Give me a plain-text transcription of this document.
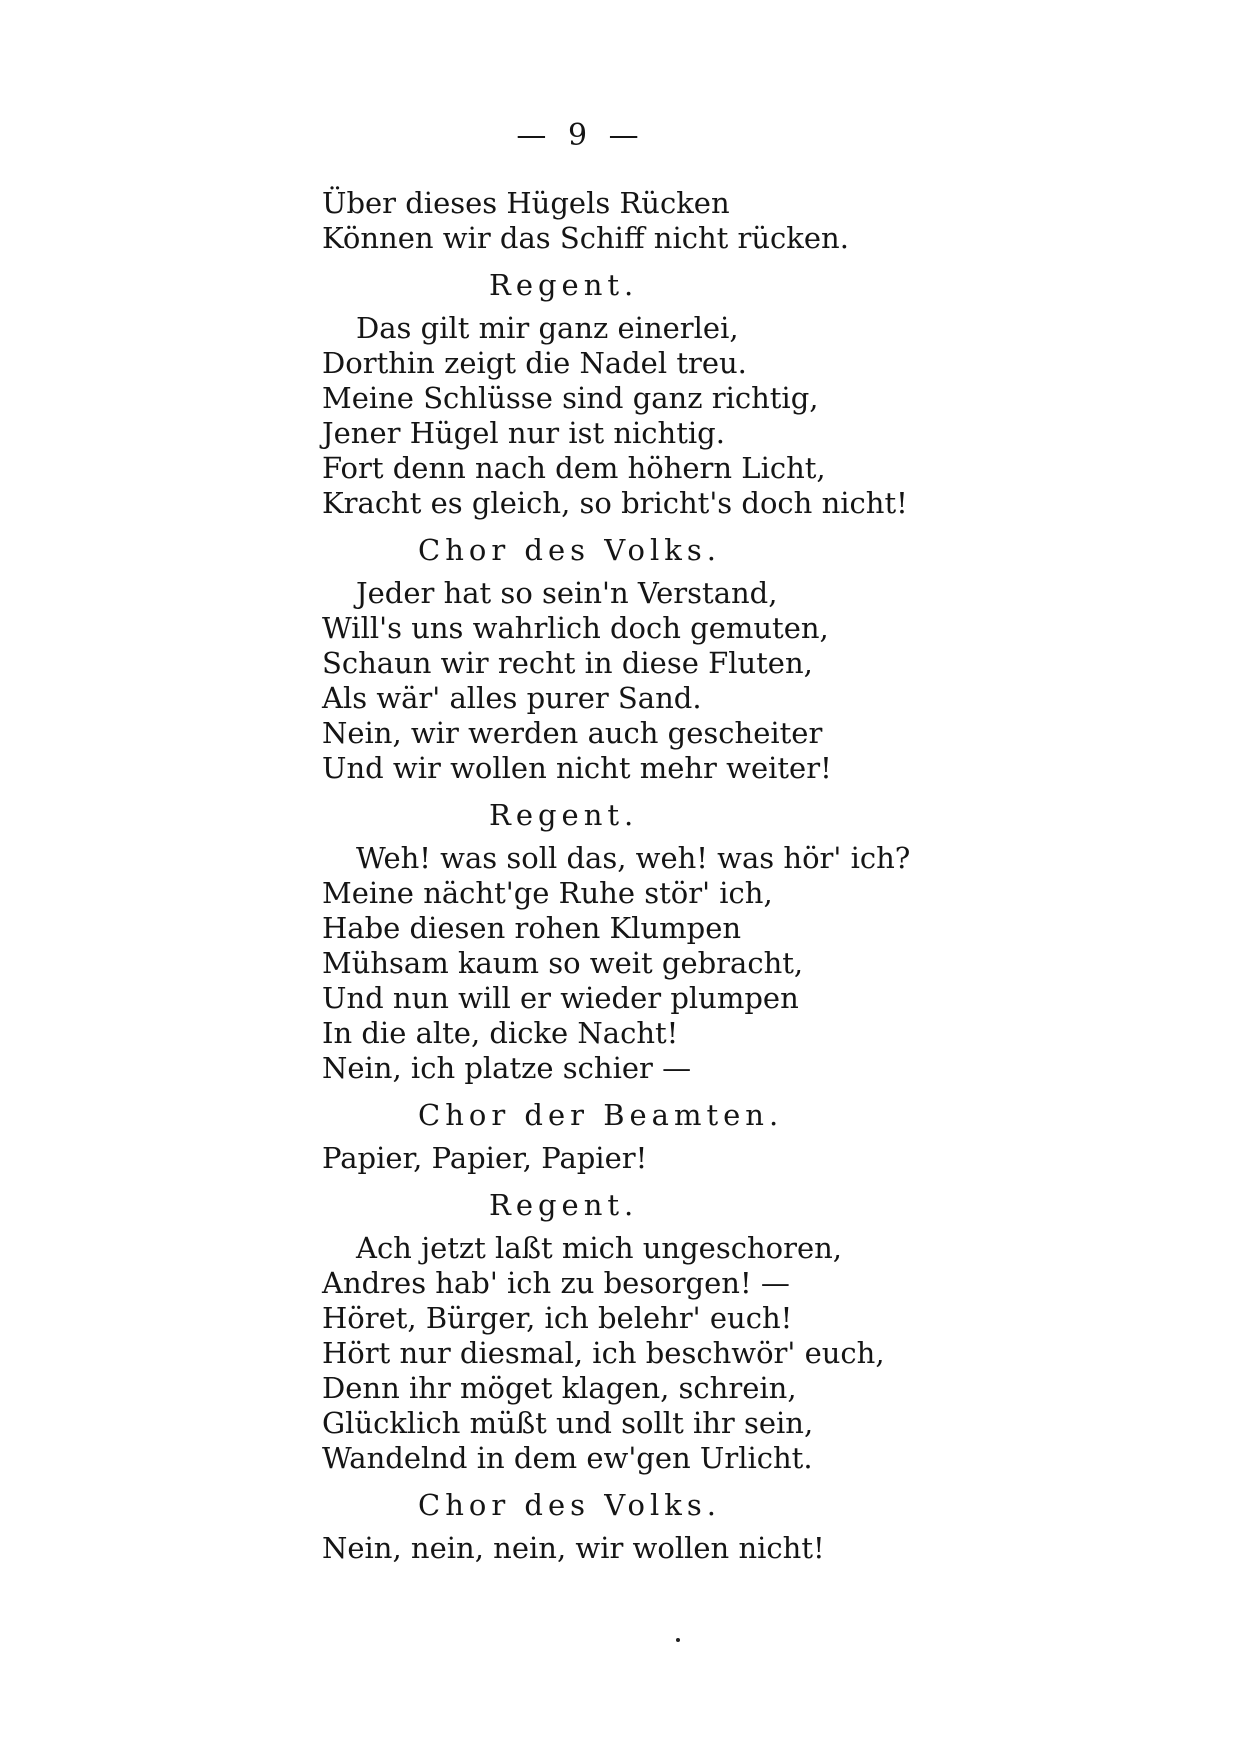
— 9 —
Über dieses Hügels Rücken
Können wir das Schiff nicht rücken.
Regent.
Das gilt mir ganz einerlei,
Dorthin zeigt die Nadel treu.
Meine Schlüsse sind ganz richtig,
Jener Hügel nur ist nichtig.
Fort denn nach dem höhern Licht,
Kracht es gleich, so bricht's doch nicht!
Chor des Volks.
Jeder hat so sein'n Verstand,
Will's uns wahrlich doch gemuten,
Schaun wir recht in diese Fluten,
Als wär' alles purer Sand.
Nein, wir werden auch gescheiter
Und wir wollen nicht mehr weiter!
Regent.
Weh! was soll das, weh! was hör' ich?
Meine nächt'ge Ruhe stör' ich,
Habe diesen rohen Klumpen
Mühsam kaum so weit gebracht,
Und nun will er wieder plumpen
In die alte, dicke Nacht!
Nein, ich platze schier —
Chor der Beamten.
Papier, Papier, Papier!
Regent.
Ach jetzt laßt mich ungeschoren,
Andres hab' ich zu besorgen! —
Höret, Bürger, ich belehr' euch!
Hört nur diesmal, ich beschwör' euch,
Denn ihr möget klagen, schrein,
Glücklich müßt und sollt ihr sein,
Wandelnd in dem ew'gen Urlicht.
Chor des Volks.
Nein, nein, nein, wir wollen nicht!
